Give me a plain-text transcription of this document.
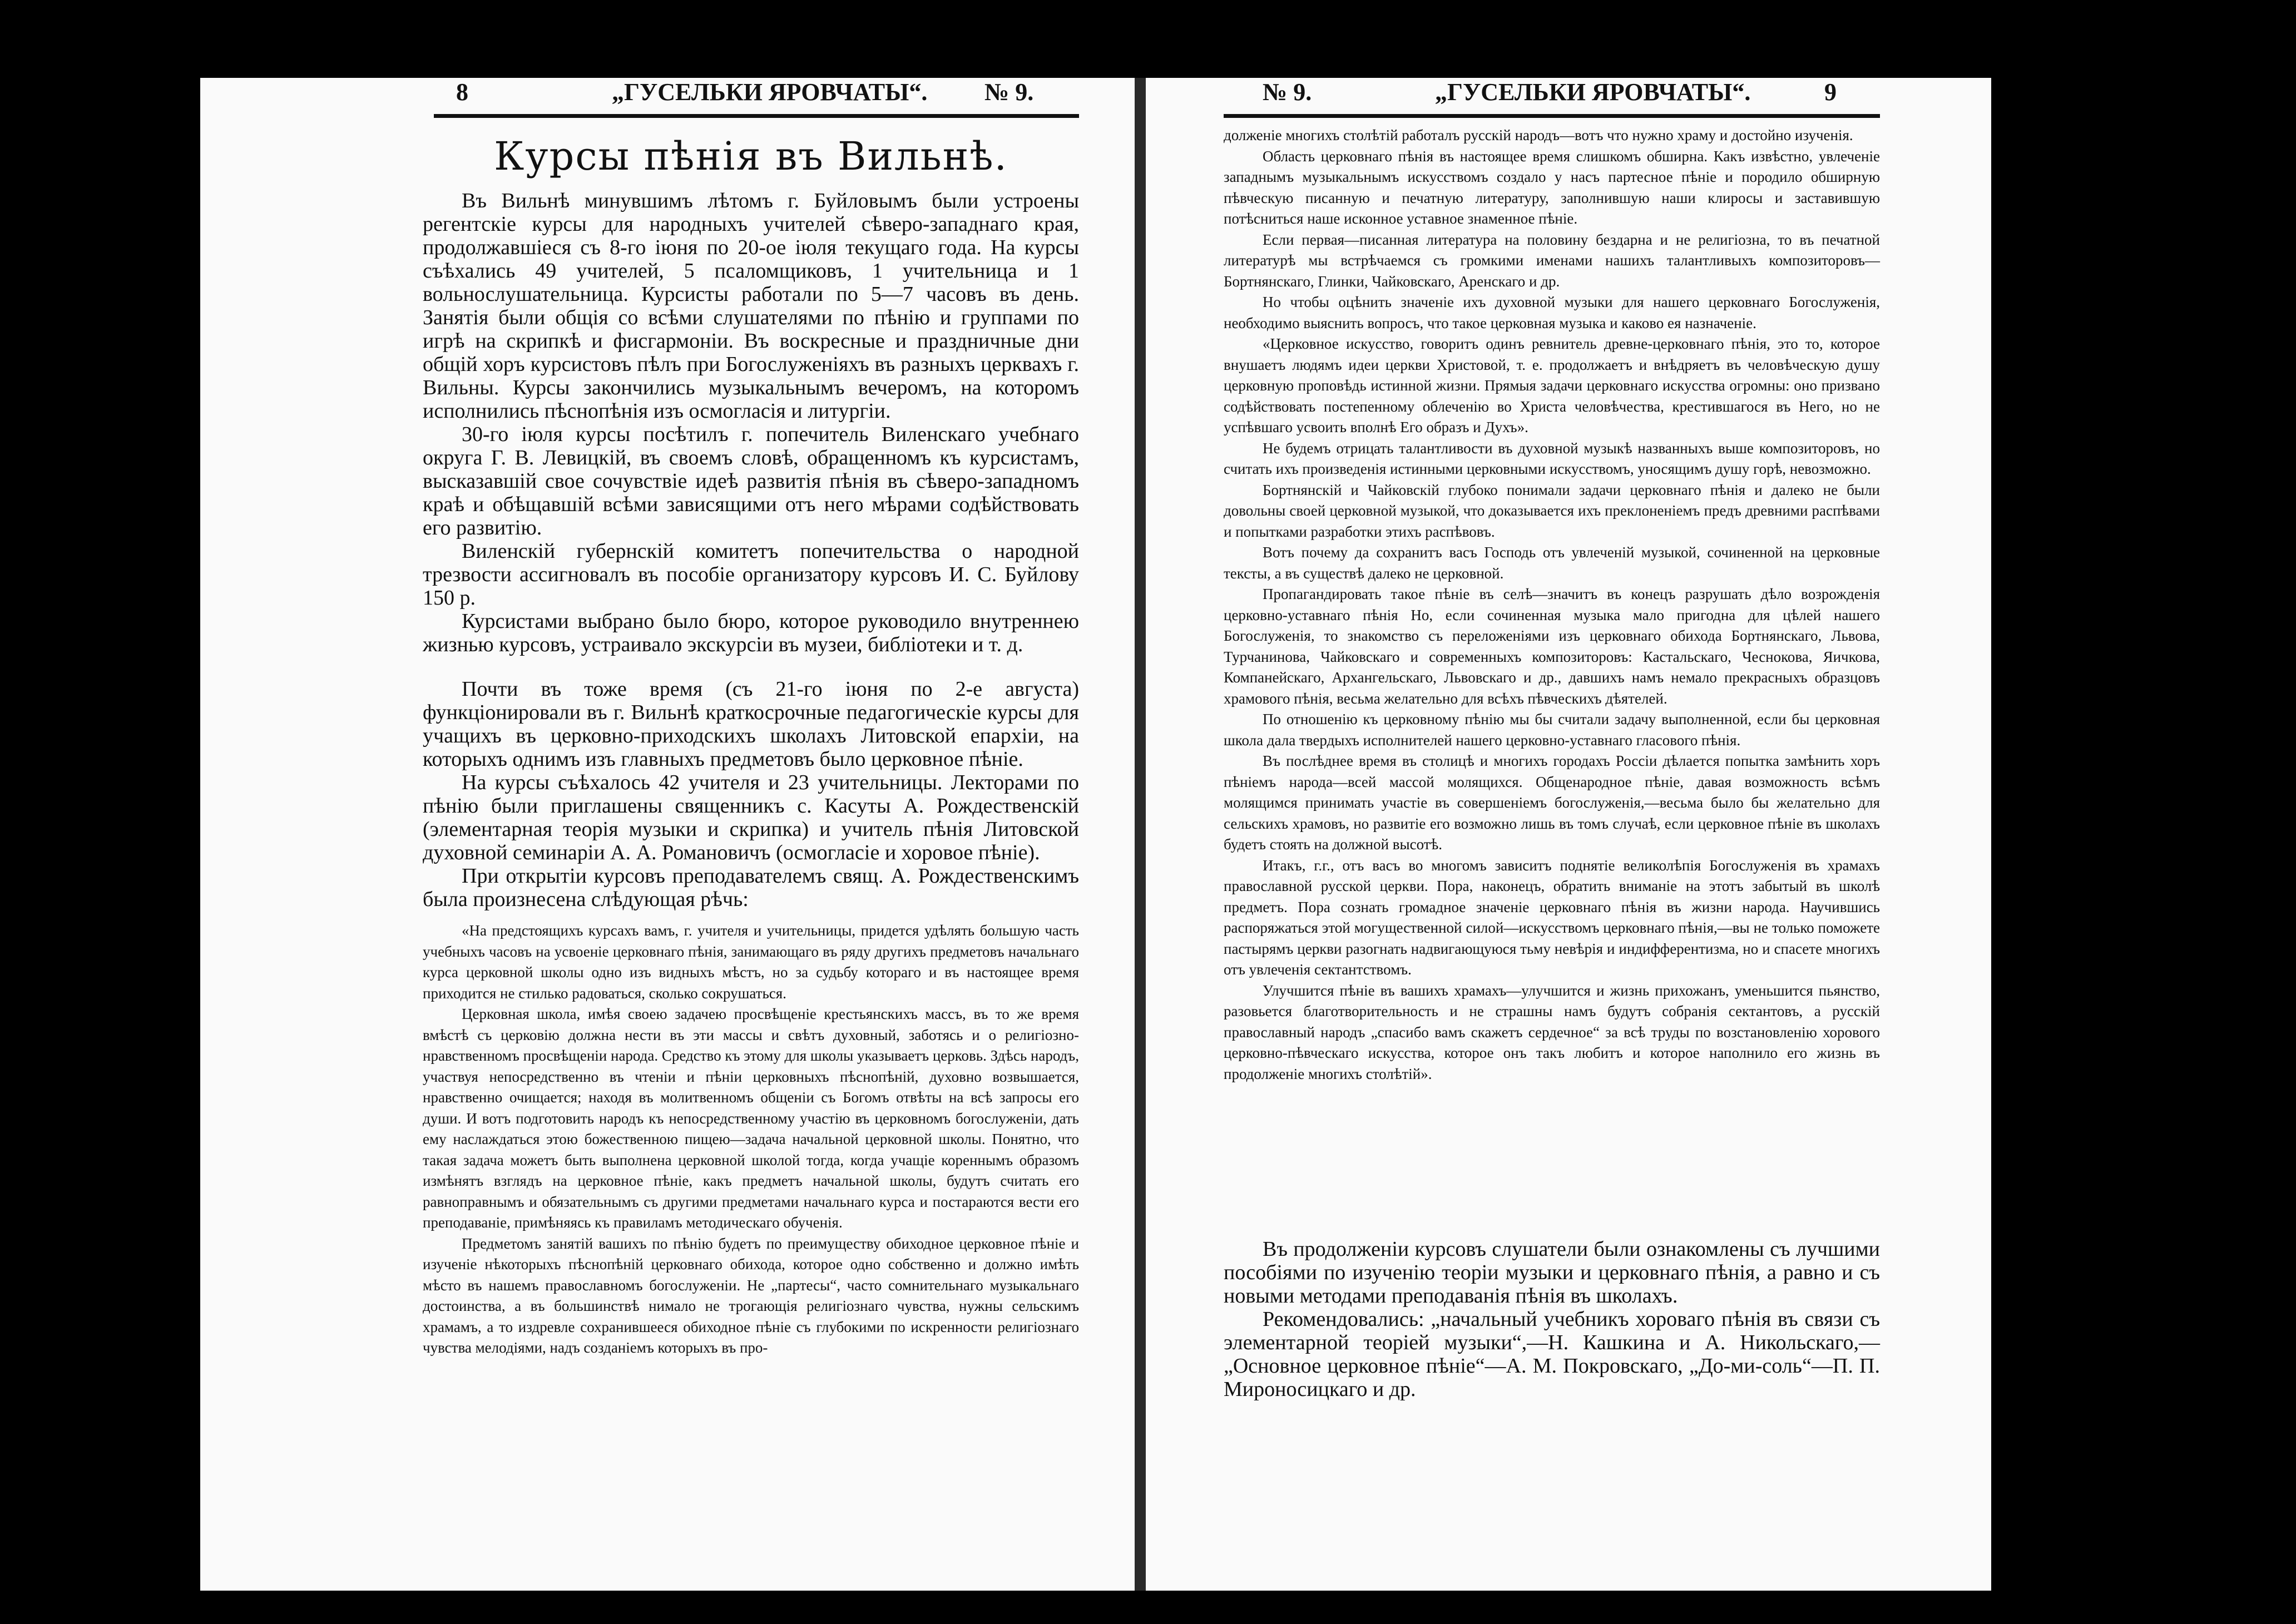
8	„ГУСЕЛЬКИ ЯРОВЧАТЫ“. № 9.	№ 9.	„ГУСЕЛЬКИ ЯРОВЧАТЫ“.	9
Курсы пѣнія въ Вильнѣ.

Въ Вильнѣ минувшимъ лѣтомъ г. Буйловымъ были устроены регентскіе курсы для народныхъ учителей сѣверо-западнаго края, продолжавшіеся съ 8-го іюня по 20-ое іюля текущаго года. На курсы съѣхались 49 учителей, 5 псаломщиковъ, 1 учительница и 1 вольнослушательница. Курсисты работали по 5—7 часовъ въ день. Занятія были общія со всѣми слушателями по пѣнію и группами по игрѣ на скрипкѣ и фисгармоніи. Въ воскресные и праздничные дни общій хоръ курсистовъ пѣлъ при Богослуженіяхъ въ разныхъ церквахъ г. Вильны. Курсы закончились музыкальнымъ вечеромъ, на которомъ исполнились пѣснопѣнія изъ осмогласія и литургіи.

30-го іюля курсы посѣтилъ г. попечитель Виленскаго учебнаго округа Г. В. Левицкій, въ своемъ словѣ, обращенномъ къ курсистамъ, высказавшій свое сочувствіе идеѣ развитія пѣнія въ сѣверо-западномъ краѣ и обѣщавшій всѣми зависящими отъ него мѣрами содѣйствовать его развитію.

Виленскій губернскій комитетъ попечительства о народной трезвости ассигновалъ въ пособіе организатору курсовъ И. С. Буйлову 150 р.

Курсистами выбрано было бюро, которое руководило внутреннею жизнью курсовъ, устраивало экскурсіи въ музеи, библіотеки и т. д.

Почти въ тоже время (съ 21-го іюня по 2-е августа) функціонировали въ г. Вильнѣ краткосрочные педагогическіе курсы для учащихъ въ церковно-приходскихъ школахъ Литовской епархіи, на которыхъ однимъ изъ главныхъ предметовъ было церковное пѣніе.

На курсы съѣхалось 42 учителя и 23 учительницы. Лекторами по пѣнію были приглашены священникъ с. Касуты А. Рождественскій (элементарная теорія музыки и скрипка) и учитель пѣнія Литовской духовной семинаріи А. А. Романовичъ (осмогласіе и хоровое пѣніе).

При открытіи курсовъ преподавателемъ свящ. А. Рождественскимъ была произнесена слѣдующая рѣчь:

«На предстоящихъ курсахъ вамъ, г. учителя и учительницы, придется удѣлять большую часть учебныхъ часовъ на усвоеніе церковнаго пѣнія, занимающаго въ ряду другихъ предметовъ начальнаго курса церковной школы одно изъ видныхъ мѣстъ, но за судьбу котораго и въ настоящее время приходится не стилько радоваться, сколько сокрушаться.

Церковная школа, имѣя своею задачею просвѣщеніе крестьянскихъ массъ, въ то же время вмѣстѣ съ церковію должна нести въ эти массы и свѣтъ духовный, заботясь и о религіозно-нравственномъ просвѣщеніи народа. Средство къ этому для школы указываетъ церковь. Здѣсь народъ, участвуя непосредственно въ чтеніи и пѣніи церковныхъ пѣснопѣній, духовно возвышается, нравственно очищается; находя въ молитвенномъ общеніи съ Богомъ отвѣты на всѣ запросы его души. И вотъ подготовить народъ къ непосредственному участію въ церковномъ богослуженіи, дать ему наслаждаться этою божественною пищею—задача начальной церковной школы. Понятно, что такая задача можетъ быть выполнена церковной школой тогда, когда учащіе кореннымъ образомъ измѣнятъ взглядъ на церковное пѣніе, какъ предметъ начальной школы, будутъ считать его равноправнымъ и обязательнымъ съ другими предметами начальнаго курса и постараются вести его преподаваніе, примѣняясь къ правиламъ методическаго обученія.

Предметомъ занятій вашихъ по пѣнію будетъ по преимуществу обиходное церковное пѣніе и изученіе нѣкоторыхъ пѣснопѣній церковнаго обихода, которое одно собственно и должно имѣть мѣсто въ нашемъ православномъ богослуженіи. Не „партесы“, часто сомнительнаго музыкальнаго достоинства, а въ большинствѣ нимало не трогающія религіознаго чувства, нужны сельскимъ храмамъ, а то издревле сохранившееся обиходное пѣніе съ глубокими по искренности религіознаго чувства мелодіями, надъ созданіемъ которыхъ въ про-

долженіе многихъ столѣтій работалъ русскій народъ—вотъ что нужно храму и достойно изученія.

Область церковнаго пѣнія въ настоящее время слишкомъ обширна. Какъ извѣстно, увлеченіе западнымъ музыкальнымъ искусствомъ создало у насъ партесное пѣніе и породило обширную пѣвческую писанную и печатную литературу, заполнившую наши клиросы и заставившую потѣсниться наше исконное уставное знаменное пѣніе.

Если первая—писанная литература на половину бездарна и не религіозна, то въ печатной литературѣ мы встрѣчаемся съ громкими именами нашихъ талантливыхъ композиторовъ—Бортнянскаго, Глинки, Чайковскаго, Аренскаго и др.

Но чтобы оцѣнить значеніе ихъ духовной музыки для нашего церковнаго Богослуженія, необходимо выяснить вопросъ, что такое церковная музыка и каково ея назначеніе.

«Церковное искусство, говоритъ одинъ ревнитель древне-церковнаго пѣнія, это то, которое внушаетъ людямъ идеи церкви Христовой, т. е. продолжаетъ и внѣдряетъ въ человѣческую душу церковную проповѣдь истинной жизни. Прямыя задачи церковнаго искусства огромны: оно призвано содѣйствовать постепенному облеченію во Христа человѣчества, крестившагося въ Него, но не успѣвшаго усвоить вполнѣ Его образъ и Духъ».

Не будемъ отрицать талантливости въ духовной музыкѣ названныхъ выше композиторовъ, но считать ихъ произведенія истинными церковными искусствомъ, уносящимъ душу горѣ, невозможно.

Бортнянскій и Чайковскій глубоко понимали задачи церковнаго пѣнія и далеко не были довольны своей церковной музыкой, что доказывается ихъ преклоненіемъ предъ древними распѣвами и попытками разработки этихъ распѣвовъ.

Вотъ почему да сохранитъ васъ Господь отъ увлеченій музыкой, сочиненной на церковные тексты, а въ существѣ далеко не церковной.

Пропагандировать такое пѣніе въ селѣ—значитъ въ конецъ разрушать дѣло возрожденія церковно-уставнаго пѣнія Но, если сочиненная музыка мало пригодна для цѣлей нашего Богослуженія, то знакомство съ переложеніями изъ церковнаго обихода Бортнянскаго, Львова, Турчанинова, Чайковскаго и современныхъ композиторовъ: Кастальскаго, Чеснокова, Яичкова, Компанейскаго, Архангельскаго, Львовскаго и др., давшихъ намъ немало прекрасныхъ образцовъ храмового пѣнія, весьма желательно для всѣхъ пѣвческихъ дѣятелей.

По отношенію къ церковному пѣнію мы бы считали задачу выполненной, если бы церковная школа дала твердыхъ исполнителей нашего церковно-уставнаго гласового пѣнія.

Въ послѣднее время въ столицѣ и многихъ городахъ Россіи дѣлается попытка замѣнить хоръ пѣніемъ народа—всей массой молящихся. Общенародное пѣніе, давая возможность всѣмъ молящимся принимать участіе въ совершеніемъ богослуженія,—весьма было бы желательно для сельскихъ храмовъ, но развитіе его возможно лишь въ томъ случаѣ, если церковное пѣніе въ школахъ будетъ стоять на должной высотѣ.

Итакъ, г.г., отъ васъ во многомъ зависитъ поднятіе великолѣпія Богослуженія въ храмахъ православной русской церкви. Пора, наконецъ, обратить вниманіе на этотъ забытый въ школѣ предметъ. Пора сознать громадное значеніе церковнаго пѣнія въ жизни народа. Научившись распоряжаться этой могущественной силой—искусствомъ церковнаго пѣнія,—вы не только поможете пастырямъ церкви разогнать надвигающуюся тьму невѣрія и индифферентизма, но и спасете многихъ отъ увлеченія сектантствомъ.

Улучшится пѣніе въ вашихъ храмахъ—улучшится и жизнь прихожанъ, уменьшится пьянство, разовьется благотворительность и не страшны намъ будутъ собранія сектантовъ, а русскій православный народъ „спасибо вамъ скажетъ сердечное“ за всѣ труды по возстановленію хорового церковно-пѣвческаго искусства, которое онъ такъ любитъ и которое наполнило его жизнь въ продолженіе многихъ столѣтій».

Въ продолженіи курсовъ слушатели были ознакомлены съ лучшими пособіями по изученію теоріи музыки и церковнаго пѣнія, а равно и съ новыми методами преподаванія пѣнія въ школахъ.

Рекомендовались: „начальный учебникъ хороваго пѣнія въ связи съ элементарной теоріей музыки“,—Н. Кашкина и А. Никольскаго,—„Основное церковное пѣніе“—А. М. Покровскаго, „До-ми-соль“—П. П. Мироносицкаго и др.
